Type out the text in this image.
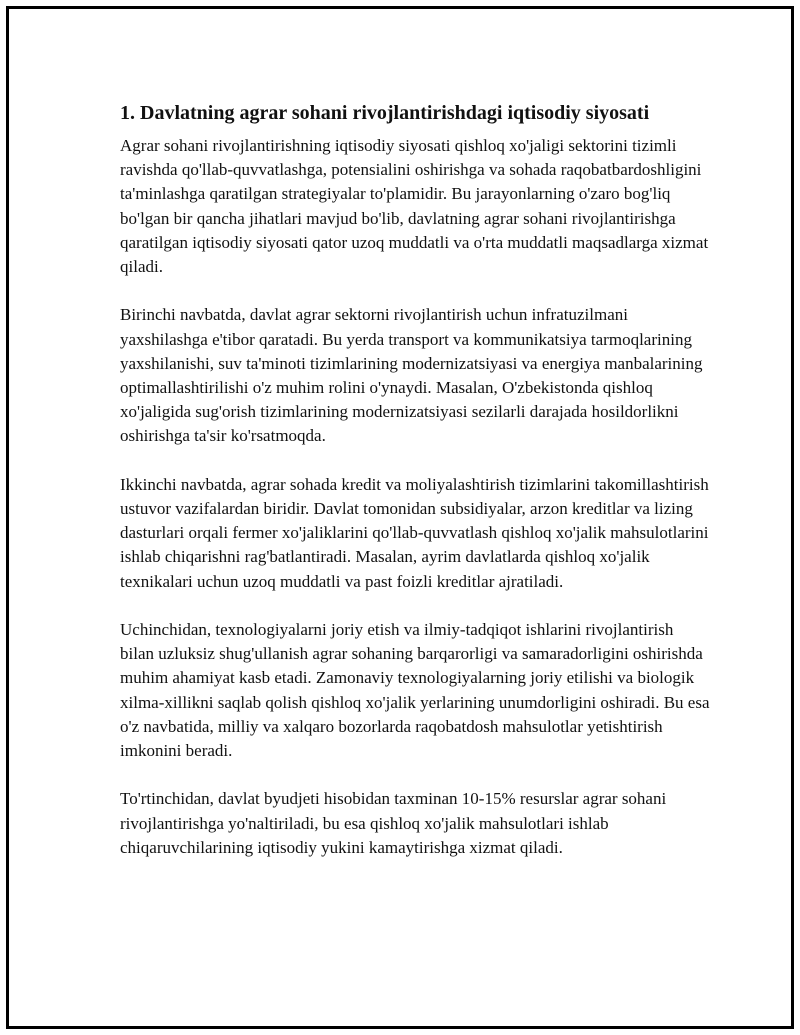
1. Davlatning agrar sohani rivojlantirishdagi iqtisodiy siyosati

Agrar sohani rivojlantirishning iqtisodiy siyosati qishloq xo'jaligi sektorini tizimli ravishda qo'llab-quvvatlashga, potensialini oshirishga va sohada raqobatbardoshligini ta'minlashga qaratilgan strategiyalar to'plamidir. Bu jarayonlarning o'zaro bog'liq bo'lgan bir qancha jihatlari mavjud bo'lib, davlatning agrar sohani rivojlantirishga qaratilgan iqtisodiy siyosati qator uzoq muddatli va o'rta muddatli maqsadlarga xizmat qiladi.

Birinchi navbatda, davlat agrar sektorni rivojlantirish uchun infratuzilmani yaxshilashga e'tibor qaratadi. Bu yerda transport va kommunikatsiya tarmoqlarining yaxshilanishi, suv ta'minoti tizimlarining modernizatsiyasi va energiya manbalarining optimallashtirilishi o'z muhim rolini o'ynaydi. Masalan, O'zbekistonda qishloq xo'jaligida sug'orish tizimlarining modernizatsiyasi sezilarli darajada hosildorlikni oshirishga ta'sir ko'rsatmoqda.

Ikkinchi navbatda, agrar sohada kredit va moliyalashtirish tizimlarini takomillashtirish ustuvor vazifalardan biridir. Davlat tomonidan subsidiyalar, arzon kreditlar va lizing dasturlari orqali fermer xo'jaliklarini qo'llab-quvvatlash qishloq xo'jalik mahsulotlarini ishlab chiqarishni rag'batlantiradi. Masalan, ayrim davlatlarda qishloq xo'jalik texnikalari uchun uzoq muddatli va past foizli kreditlar ajratiladi.

Uchinchidan, texnologiyalarni joriy etish va ilmiy-tadqiqot ishlarini rivojlantirish bilan uzluksiz shug'ullanish agrar sohaning barqarorligi va samaradorligini oshirishda muhim ahamiyat kasb etadi. Zamonaviy texnologiyalarning joriy etilishi va biologik xilma-xillikni saqlab qolish qishloq xo'jalik yerlarining unumdorligini oshiradi. Bu esa o'z navbatida, milliy va xalqaro bozorlarda raqobatdosh mahsulotlar yetishtirish imkonini beradi.

To'rtinchidan, davlat byudjeti hisobidan taxminan 10-15% resurslar agrar sohani rivojlantirishga yo'naltiriladi, bu esa qishloq xo'jalik mahsulotlari ishlab chiqaruvchilarining iqtisodiy yukini kamaytirishga xizmat qiladi.
